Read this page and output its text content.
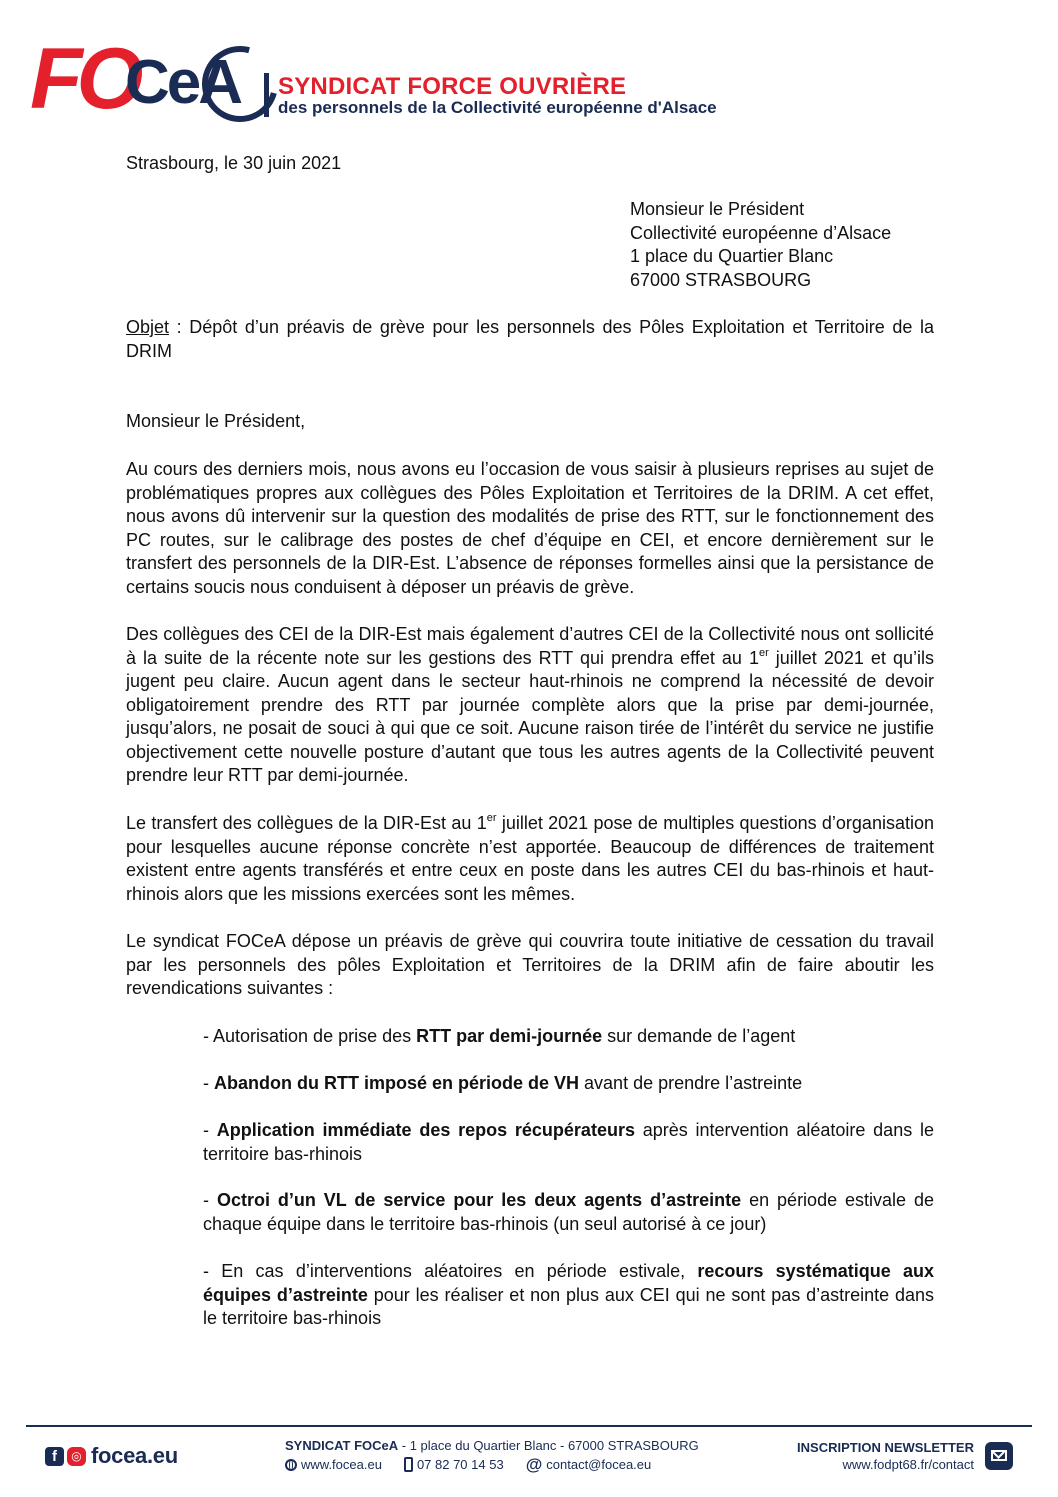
FO
CeA SYNDICAT FORCE OUVRIÈRE
des personnels de la Collectivité européenne d'Alsace
Strasbourg, le 30 juin 2021
Monsieur le Président
Collectivité européenne d’Alsace
1 place du Quartier Blanc
67000 STRASBOURG
Objet : Dépôt d’un préavis de grève pour les personnels des Pôles Exploitation et Territoire de la DRIM
Monsieur le Président,
Au cours des derniers mois, nous avons eu l’occasion de vous saisir à plusieurs reprises au sujet de problématiques propres aux collègues des Pôles Exploitation et Territoires de la DRIM. A cet effet, nous avons dû intervenir sur la question des modalités de prise des RTT, sur le fonctionnement des PC routes, sur le calibrage des postes de chef d’équipe en CEI, et encore dernièrement sur le transfert des personnels de la DIR-Est. L’absence de réponses formelles ainsi que la persistance de certains soucis nous conduisent à déposer un préavis de grève.
Des collègues des CEI de la DIR-Est mais également d’autres CEI de la Collectivité nous ont sollicité à la suite de la récente note sur les gestions des RTT qui prendra effet au 1er juillet 2021 et qu’ils jugent peu claire. Aucun agent dans le secteur haut-rhinois ne comprend la nécessité de devoir obligatoirement prendre des RTT par journée complète alors que la prise par demi-journée, jusqu’alors, ne posait de souci à qui que ce soit. Aucune raison tirée de l’intérêt du service ne justifie objectivement cette nouvelle posture d’autant que tous les autres agents de la Collectivité peuvent prendre leur RTT par demi-journée.
Le transfert des collègues de la DIR-Est au 1er juillet 2021 pose de multiples questions d’organisation pour lesquelles aucune réponse concrète n’est apportée. Beaucoup de différences de traitement existent entre agents transférés et entre ceux en poste dans les autres CEI du bas-rhinois et haut-rhinois alors que les missions exercées sont les mêmes.
Le syndicat FOCeA dépose un préavis de grève qui couvrira toute initiative de cessation du travail par les personnels des pôles Exploitation et Territoires de la DRIM afin de faire aboutir les revendications suivantes :
- Autorisation de prise des RTT par demi-journée sur demande de l’agent
- Abandon du RTT imposé en période de VH avant de prendre l’astreinte
- Application immédiate des repos récupérateurs après intervention aléatoire dans le territoire bas-rhinois
- Octroi d’un VL de service pour les deux agents d’astreinte en période estivale de chaque équipe dans le territoire bas-rhinois (un seul autorisé à ce jour)
- En cas d’interventions aléatoires en période estivale, recours systématique aux équipes d’astreinte pour les réaliser et non plus aux CEI qui ne sont pas d’astreinte dans le territoire bas-rhinois
f	◎ focea.eu	SYNDICAT FOCeA - 1 place du Quartier Blanc - 67000 STRASBOURG
www.focea.eu	07 82 70 14 53 @ contact@focea.eu
INSCRIPTION NEWSLETTER
www.fodpt68.fr/contact
